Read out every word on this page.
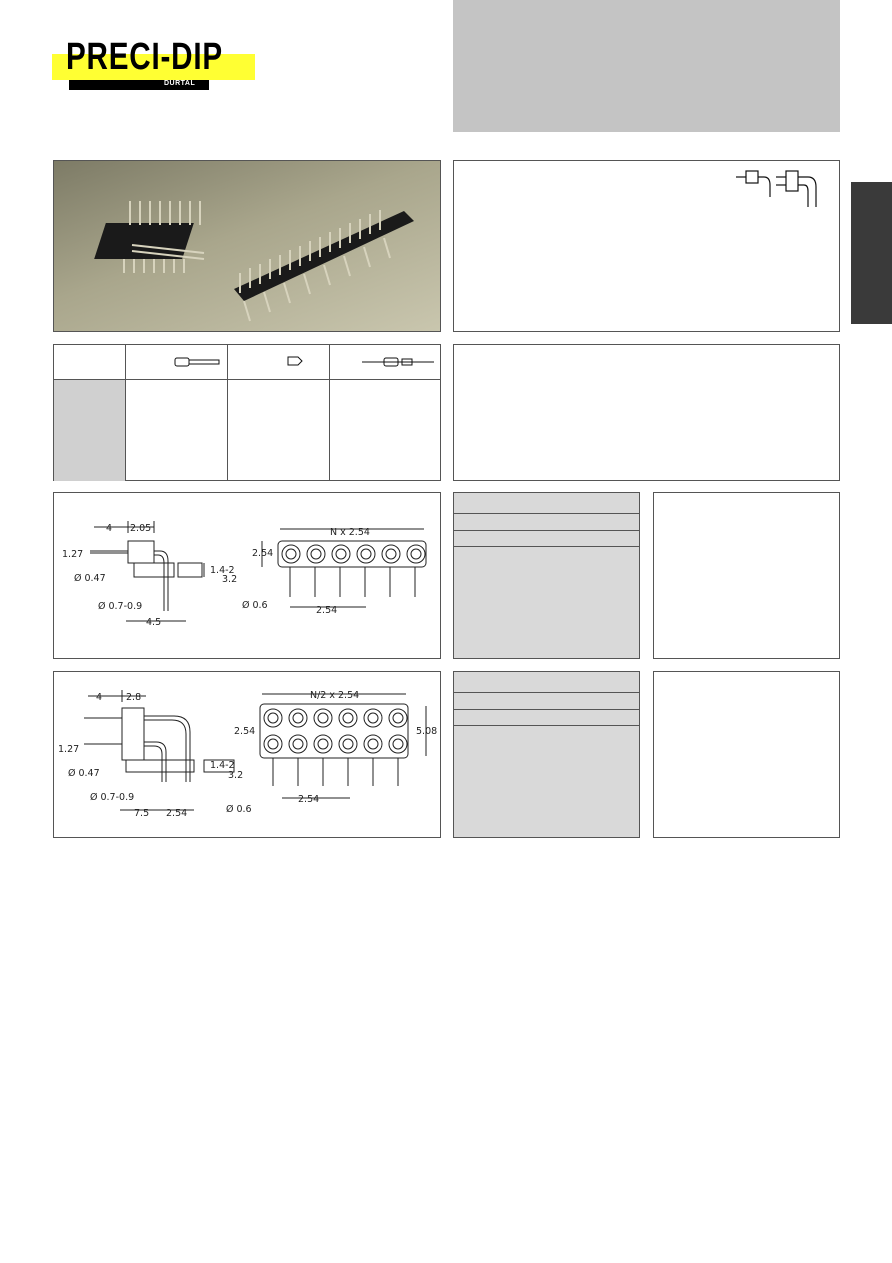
PRECI-DIP
DURTAL
4 2.05
1.27
Ø 0.47
1.4-2
3.2
Ø 0.7-0.9
4.5
N x 2.54
2.54
Ø 0.6	2.54
4	2.8
1.27
Ø 0.47
1.4-2
3.2
Ø 0.7-0.9
7.5 2.54	Ø 0.6
N/2 x 2.54
2.54	5.08
2.54
